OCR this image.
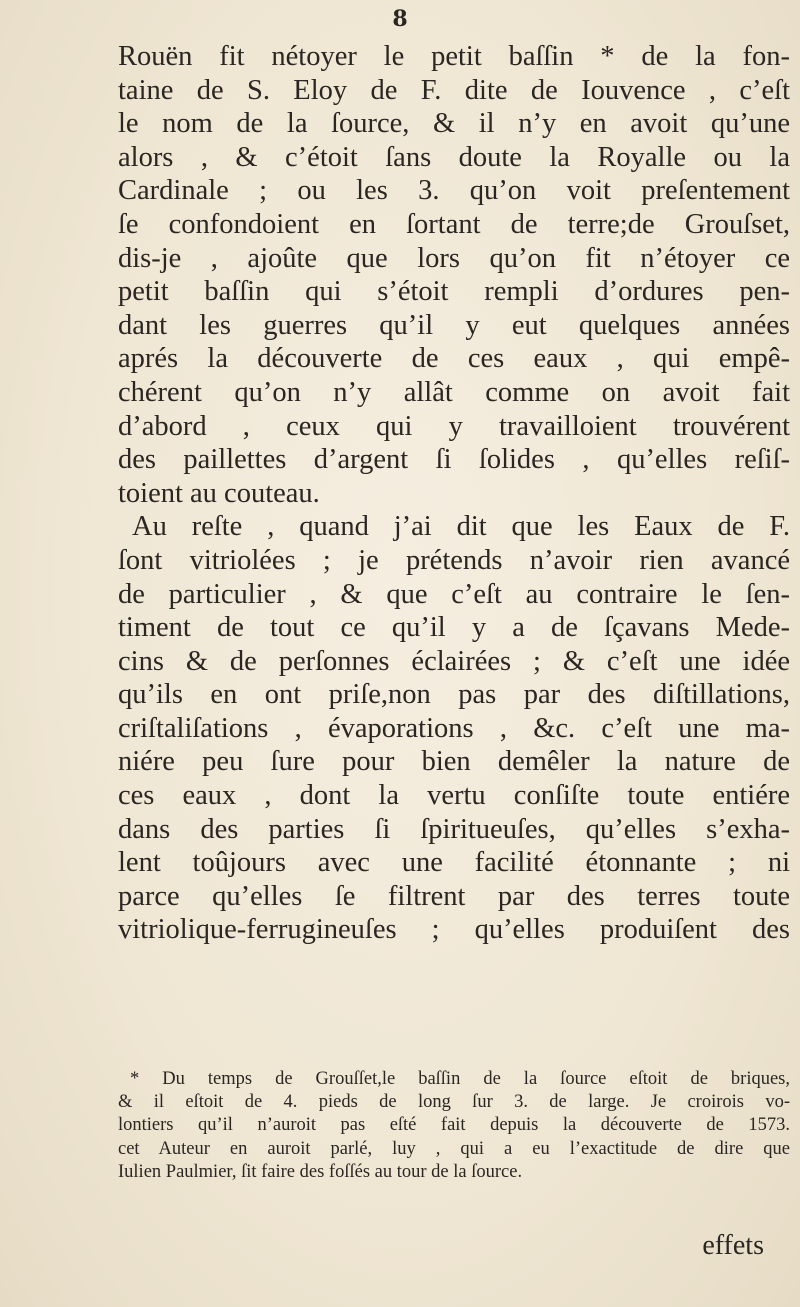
8
Rouën fit nétoyer le petit baſſin * de la fon-
taine de S. Eloy de F. dite de Iouvence , c’eſt
le nom de la ſource, & il n’y en avoit qu’une
alors , & c’étoit ſans doute la Royalle ou la
Cardinale ; ou les 3. qu’on voit preſentement
ſe confondoient en ſortant de terre;de Grouſset,
dis-je , ajoûte que lors qu’on fit n’étoyer ce
petit baſſin qui s’étoit rempli d’ordures pen-
dant les guerres qu’il y eut quelques années
aprés la découverte de ces eaux , qui empê-
chérent qu’on n’y allât comme on avoit fait
d’abord , ceux qui y travailloient trouvérent
des paillettes d’argent ſi ſolides , qu’elles reſiſ-
toient au couteau.
Au reſte , quand j’ai dit que les Eaux de F.
ſont vitriolées ; je prétends n’avoir rien avancé
de particulier , & que c’eſt au contraire le ſen-
timent de tout ce qu’il y a de ſçavans Mede-
cins & de perſonnes éclairées ; & c’eſt une idée
qu’ils en ont priſe,non pas par des diſtillations,
criſtaliſations , évaporations , &c. c’eſt une ma-
niére peu ſure pour bien demêler la nature de
ces eaux , dont la vertu conſiſte toute entiére
dans des parties ſi ſpiritueuſes, qu’elles s’exha-
lent toûjours avec une facilité étonnante ; ni
parce qu’elles ſe filtrent par des terres toute
vitriolique-ferrugineuſes ; qu’elles produiſent des
* Du temps de Grouſſet,le baſſin de la ſource eſtoit de briques,
& il eſtoit de 4. pieds de long ſur 3. de large. Je croirois vo-
lontiers qu’il n’auroit pas eſté fait depuis la découverte de 1573.
cet Auteur en auroit parlé, luy , qui a eu l’exactitude de dire que
Iulien Paulmier, ſit faire des foſſés au tour de la ſource.
effets
